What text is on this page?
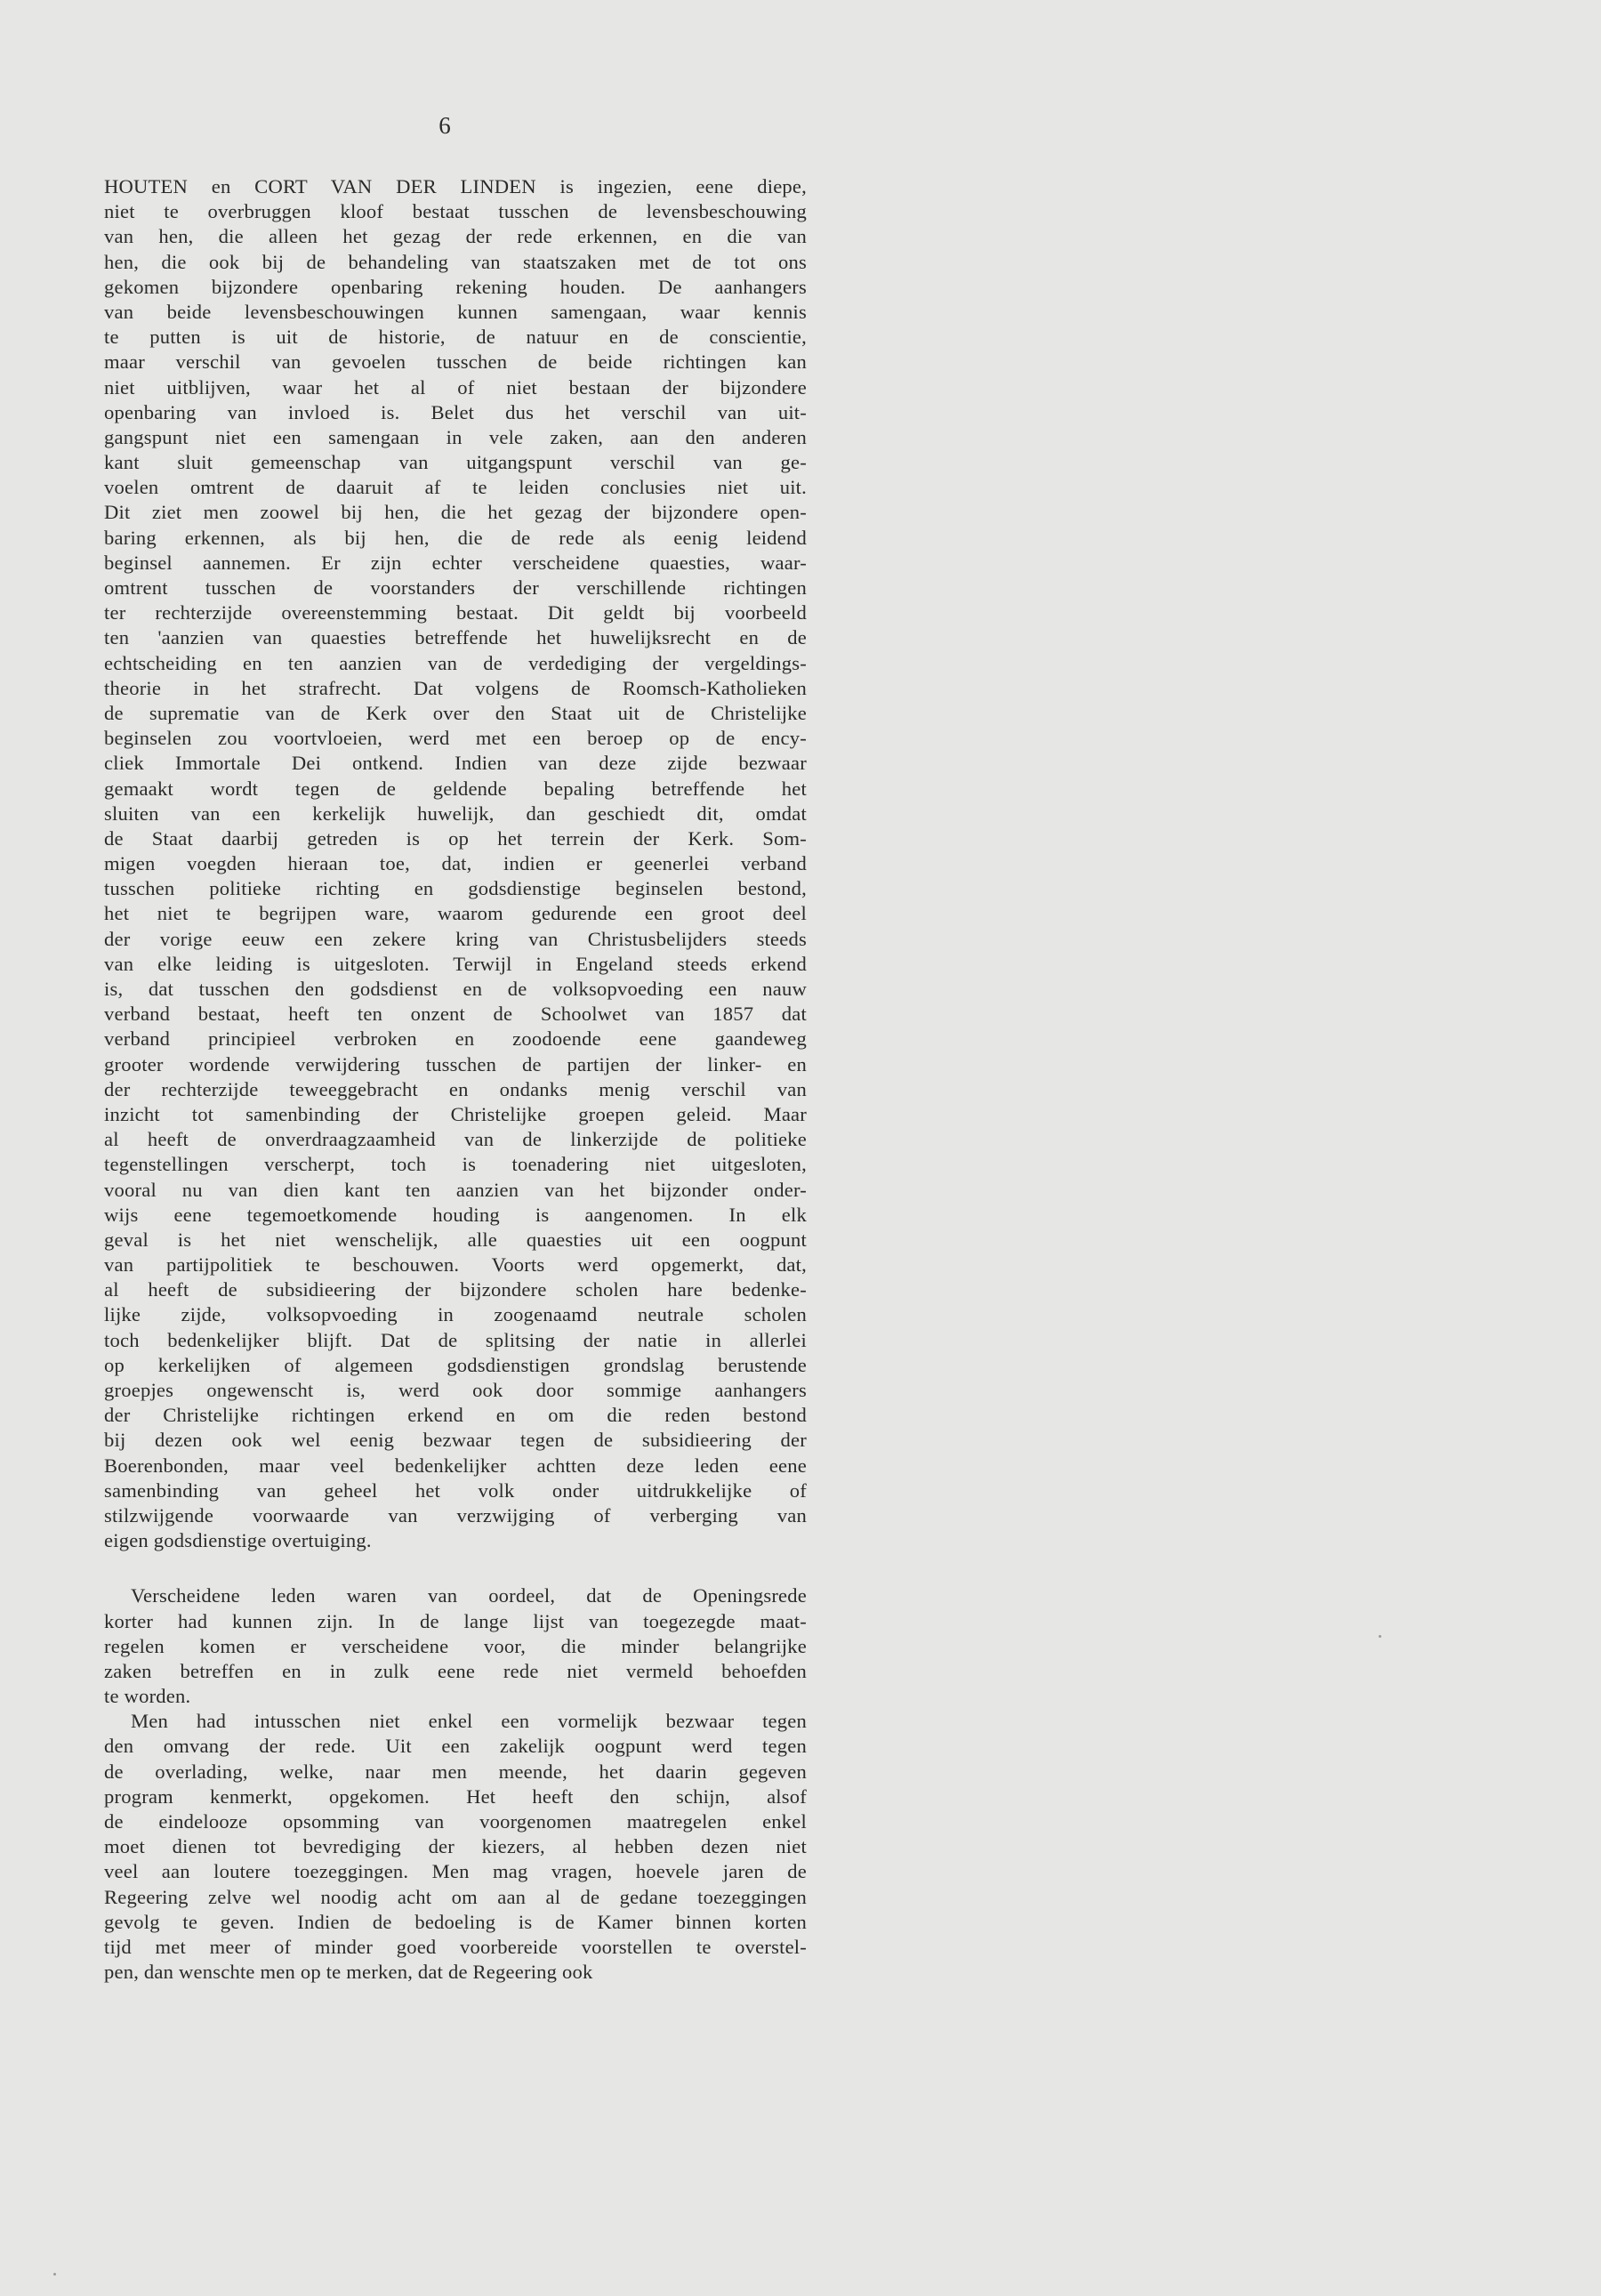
6
HOUTEN en CORT VAN DER LINDEN is ingezien, eene diepe,
niet te overbruggen kloof bestaat tusschen de levensbeschouwing
van hen, die alleen het gezag der rede erkennen, en die van
hen, die ook bij de behandeling van staatszaken met de tot ons
gekomen bijzondere openbaring rekening houden. De aanhangers
van beide levensbeschouwingen kunnen samengaan, waar kennis
te putten is uit de historie, de natuur en de conscientie,
maar verschil van gevoelen tusschen de beide richtingen kan
niet uitblijven, waar het al of niet bestaan der bijzondere
openbaring van invloed is. Belet dus het verschil van uit-
gangspunt niet een samengaan in vele zaken, aan den anderen
kant sluit gemeenschap van uitgangspunt verschil van ge-
voelen omtrent de daaruit af te leiden conclusies niet uit.
Dit ziet men zoowel bij hen, die het gezag der bijzondere open-
baring erkennen, als bij hen, die de rede als eenig leidend
beginsel aannemen. Er zijn echter verscheidene quaesties, waar-
omtrent tusschen de voorstanders der verschillende richtingen
ter rechterzijde overeenstemming bestaat. Dit geldt bij voorbeeld
ten 'aanzien van quaesties betreffende het huwelijksrecht en de
echtscheiding en ten aanzien van de verdediging der vergeldings-
theorie in het strafrecht. Dat volgens de Roomsch-Katholieken
de suprematie van de Kerk over den Staat uit de Christelijke
beginselen zou voortvloeien, werd met een beroep op de ency-
cliek Immortale Dei ontkend. Indien van deze zijde bezwaar
gemaakt wordt tegen de geldende bepaling betreffende het
sluiten van een kerkelijk huwelijk, dan geschiedt dit, omdat
de Staat daarbij getreden is op het terrein der Kerk. Som-
migen voegden hieraan toe, dat, indien er geenerlei verband
tusschen politieke richting en godsdienstige beginselen bestond,
het niet te begrijpen ware, waarom gedurende een groot deel
der vorige eeuw een zekere kring van Christusbelijders steeds
van elke leiding is uitgesloten. Terwijl in Engeland steeds erkend
is, dat tusschen den godsdienst en de volksopvoeding een nauw
verband bestaat, heeft ten onzent de Schoolwet van 1857 dat
verband principieel verbroken en zoodoende eene gaandeweg
grooter wordende verwijdering tusschen de partijen der linker- en
der rechterzijde teweeggebracht en ondanks menig verschil van
inzicht tot samenbinding der Christelijke groepen geleid. Maar
al heeft de onverdraagzaamheid van de linkerzijde de politieke
tegenstellingen verscherpt, toch is toenadering niet uitgesloten,
vooral nu van dien kant ten aanzien van het bijzonder onder-
wijs eene tegemoetkomende houding is aangenomen. In elk
geval is het niet wenschelijk, alle quaesties uit een oogpunt
van partijpolitiek te beschouwen. Voorts werd opgemerkt, dat,
al heeft de subsidieering der bijzondere scholen hare bedenke-
lijke zijde, volksopvoeding in zoogenaamd neutrale scholen
toch bedenkelijker blijft. Dat de splitsing der natie in allerlei
op kerkelijken of algemeen godsdienstigen grondslag berustende
groepjes ongewenscht is, werd ook door sommige aanhangers
der Christelijke richtingen erkend en om die reden bestond
bij dezen ook wel eenig bezwaar tegen de subsidieering der
Boerenbonden, maar veel bedenkelijker achtten deze leden eene
samenbinding van geheel het volk onder uitdrukkelijke of
stilzwijgende voorwaarde van verzwijging of verberging van
eigen godsdienstige overtuiging.
Verscheidene leden waren van oordeel, dat de Openingsrede
korter had kunnen zijn. In de lange lijst van toegezegde maat-
regelen komen er verscheidene voor, die minder belangrijke
zaken betreffen en in zulk eene rede niet vermeld behoefden
te worden.
Men had intusschen niet enkel een vormelijk bezwaar tegen
den omvang der rede. Uit een zakelijk oogpunt werd tegen
de overlading, welke, naar men meende, het daarin gegeven
program kenmerkt, opgekomen. Het heeft den schijn, alsof
de eindelooze opsomming van voorgenomen maatregelen enkel
moet dienen tot bevrediging der kiezers, al hebben dezen niet
veel aan loutere toezeggingen. Men mag vragen, hoevele jaren de
Regeering zelve wel noodig acht om aan al de gedane toezeggingen
gevolg te geven. Indien de bedoeling is de Kamer binnen korten
tijd met meer of minder goed voorbereide voorstellen te overstel-
pen, dan wenschte men op te merken, dat de Regeering ook
